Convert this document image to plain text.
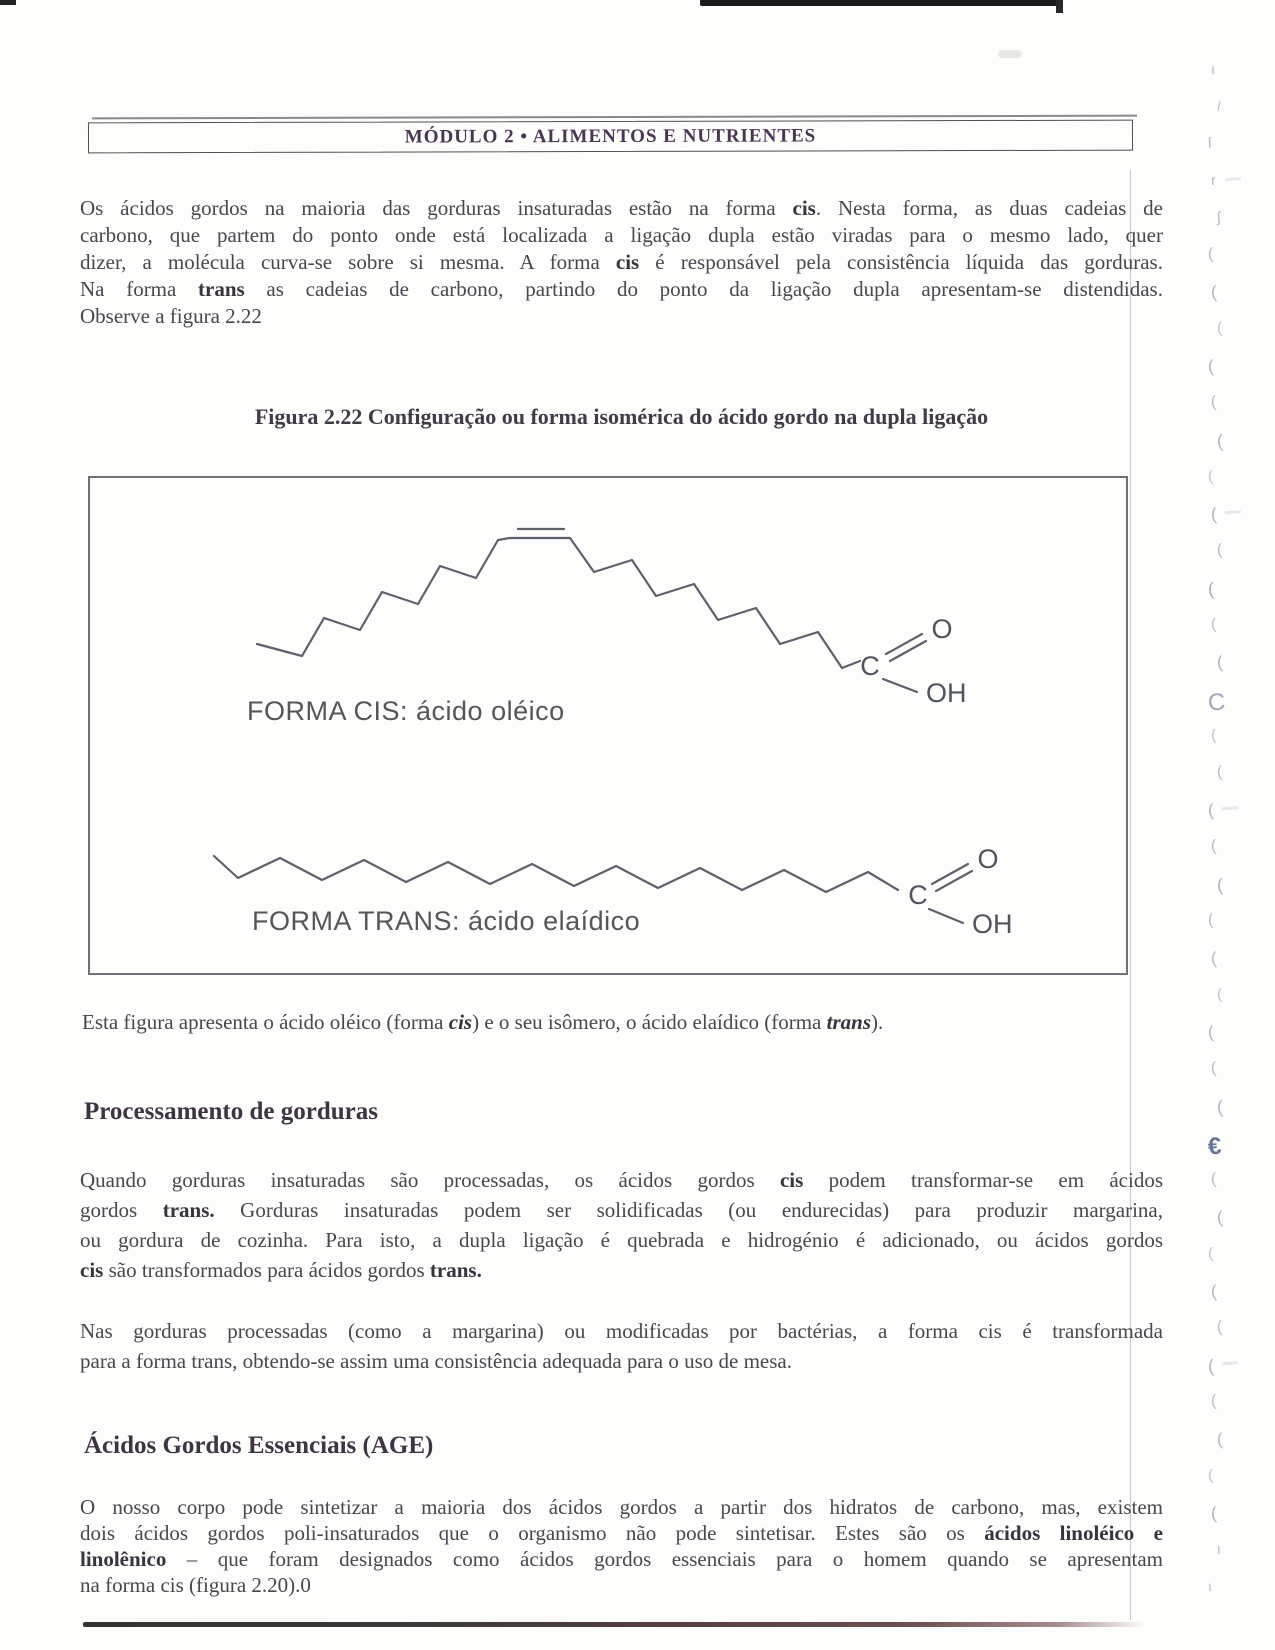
ı
/
ſ
r
ʃ
(
(
(
(
(
(
(
(
(
(
(
(
C
(
(
(
(
(
(
(
(
(
(
(
€
(
(
(
(
(
(
(
(
(
(
ι
ı
MÓDULO 2 • ALIMENTOS E NUTRIENTES
Os ácidos gordos na maioria das gorduras insaturadas estão na forma cis. Nesta forma, as duas cadeias de
carbono, que partem do ponto onde está localizada a ligação dupla estão viradas para o mesmo lado, quer
dizer, a molécula curva-se sobre si mesma. A forma cis é responsável pela consistência líquida das gorduras.
Na forma trans as cadeias de carbono, partindo do ponto da ligação dupla apresentam-se distendidas.
Observe a figura 2.22
Figura 2.22 Configuração ou forma isomérica do ácido gordo na dupla ligação
C
O
OH
FORMA CIS: ácido oléico
C
O
OH
FORMA TRANS: ácido elaídico
Esta figura apresenta o ácido oléico (forma cis) e o seu isômero, o ácido elaídico (forma trans).
Processamento de gorduras
Quando gorduras insaturadas são processadas, os ácidos gordos cis podem transformar-se em ácidos
gordos trans. Gorduras insaturadas podem ser solidificadas (ou endurecidas) para produzir margarina,
ou gordura de cozinha. Para isto, a dupla ligação é quebrada e hidrogénio é adicionado, ou ácidos gordos
cis são transformados para ácidos gordos trans.
Nas gorduras processadas (como a margarina) ou modificadas por bactérias, a forma cis é transformada
para a forma trans, obtendo-se assim uma consistência adequada para o uso de mesa.
Ácidos Gordos Essenciais (AGE)
O nosso corpo pode sintetizar a maioria dos ácidos gordos a partir dos hidratos de carbono, mas, existem
dois ácidos gordos poli-insaturados que o organismo não pode sintetisar. Estes são os ácidos linoléico e
linolênico – que foram designados como ácidos gordos essenciais para o homem quando se apresentam
na forma cis (figura 2.20).0
